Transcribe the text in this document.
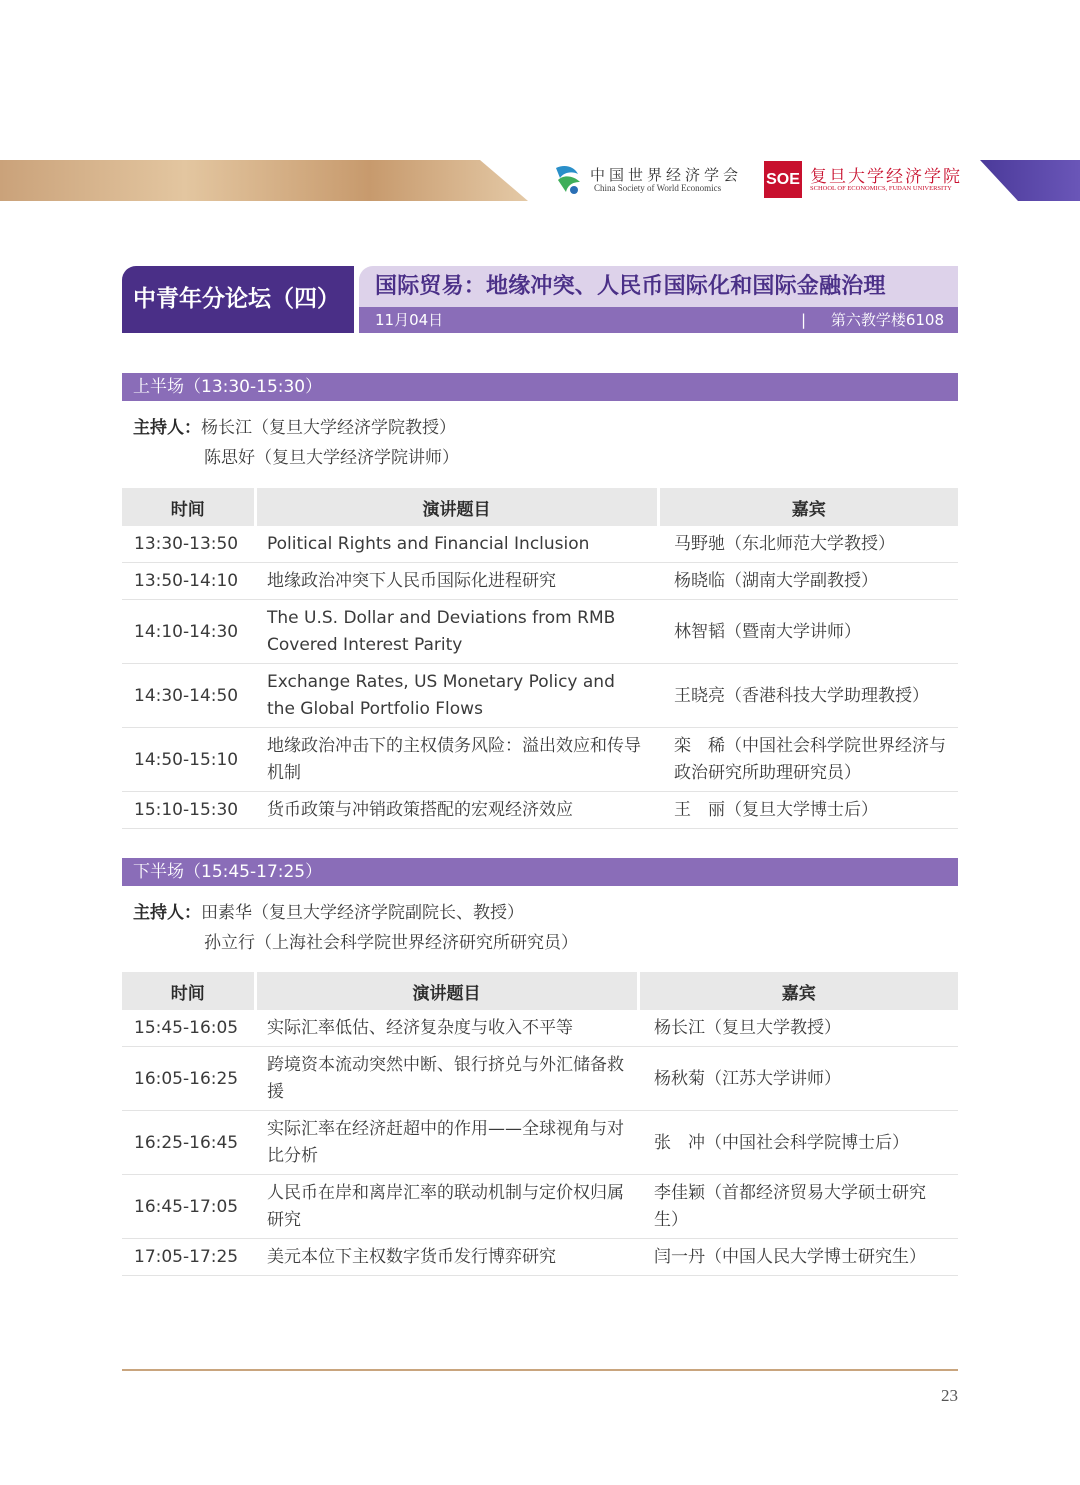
中国世界经济学会
China Society of World Economics	SOE 复旦大学经济学院
SCHOOL OF ECONOMICS, FUDAN UNIVERSITY
中青年分论坛（四）	国际贸易：地缘冲突、人民币国际化和国际金融治理
11月04日	| 第六教学楼6108
上半场（13:30-15:30）
主持人：杨长江（复旦大学经济学院教授）
陈思好（复旦大学经济学院讲师）
时间	演讲题目	嘉宾
13:30-13:50	Political Rights and Financial Inclusion	马野驰（东北师范大学教授）
13:50-14:10	地缘政治冲突下人民币国际化进程研究	杨晓临（湖南大学副教授）
14:10-14:30	The U.S. Dollar and Deviations from RMB Covered Interest Parity	林智韬（暨南大学讲师）
14:30-14:50	Exchange Rates, US Monetary Policy and the Global Portfolio Flows	王晓亮（香港科技大学助理教授）
14:50-15:10	地缘政治冲击下的主权债务风险：溢出效应和传导机制	栾　稀（中国社会科学院世界经济与政治研究所助理研究员）
15:10-15:30	货币政策与冲销政策搭配的宏观经济效应	王　丽（复旦大学博士后）
下半场（15:45-17:25）
主持人：田素华（复旦大学经济学院副院长、教授）
孙立行（上海社会科学院世界经济研究所研究员）
时间	演讲题目	嘉宾
15:45-16:05	实际汇率低估、经济复杂度与收入不平等	杨长江（复旦大学教授）
16:05-16:25	跨境资本流动突然中断、银行挤兑与外汇储备救援	杨秋菊（江苏大学讲师）
16:25-16:45	实际汇率在经济赶超中的作用——全球视角与对比分析	张　冲（中国社会科学院博士后）
16:45-17:05	人民币在岸和离岸汇率的联动机制与定价权归属研究	李佳颖（首都经济贸易大学硕士研究生）
17:05-17:25	美元本位下主权数字货币发行博弈研究	闫一丹（中国人民大学博士研究生）
23
